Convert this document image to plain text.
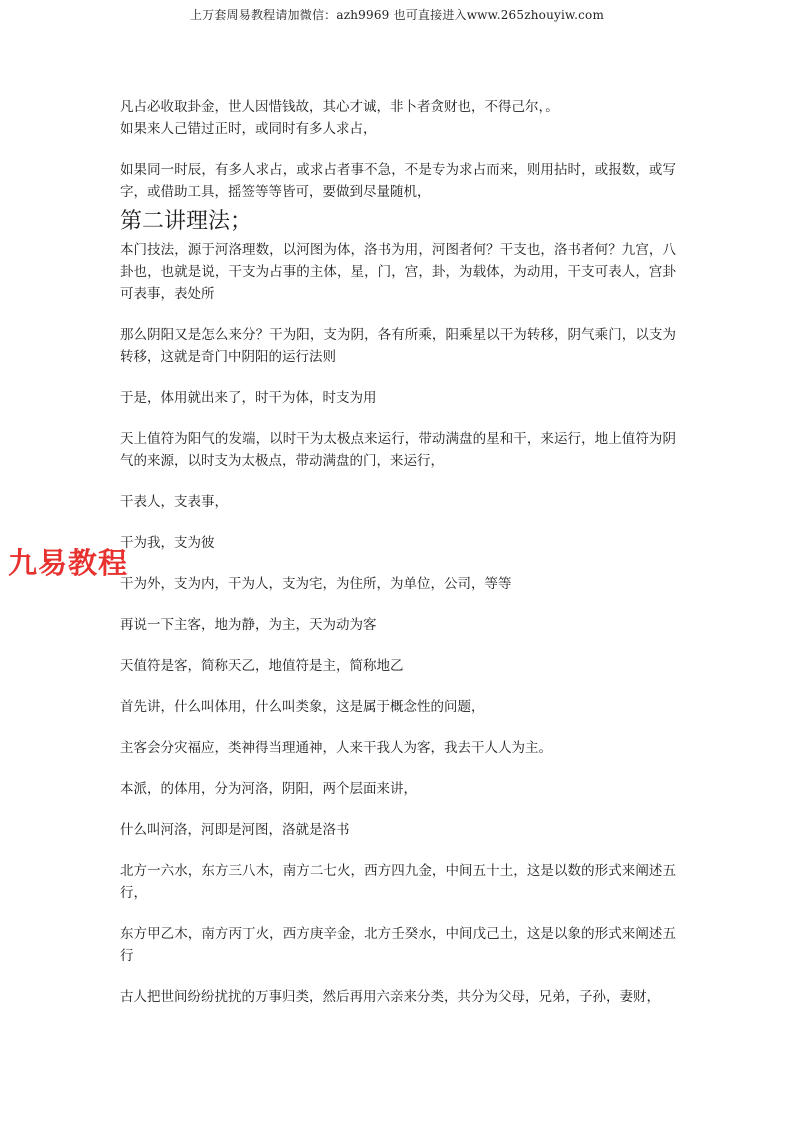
上万套周易教程请加微信：azh9969 也可直接进入www.265zhouyiw.com

凡占必收取卦金，世人因惜钱故，其心才诚，非卜者贪财也，不得己尔，。

如果来人己错过正时，或同时有多人求占，

如果同一时辰，有多人求占，或求占者事不急，不是专为求占而来，则用拈时，或报数，或写字，或借助工具，摇签等等皆可，要做到尽量随机，

第二讲理法；

本门技法，源于河洛理数，以河图为体，洛书为用，河图者何？干支也，洛书者何？九宫，八卦也，也就是说，干支为占事的主体，星，门，宫，卦，为载体，为动用，干支可表人，宫卦可表事，表处所

那么阴阳又是怎么来分？干为阳，支为阴，各有所乘，阳乘星以干为转移，阴气乘门，以支为转移，这就是奇门中阴阳的运行法则

于是，体用就出来了，时干为体，时支为用

天上值符为阳气的发端，以时干为太极点来运行，带动满盘的星和干，来运行，地上值符为阴气的来源，以时支为太极点，带动满盘的门，来运行，

干表人，支表事，

干为我，支为彼

干为外，支为内，干为人，支为宅，为住所，为单位，公司，等等

再说一下主客，地为静，为主，天为动为客

天值符是客，简称天乙，地值符是主，简称地乙

首先讲，什么叫体用，什么叫类象，这是属于概念性的问题，

主客会分灾福应，类神得当理通神，人来干我人为客，我去干人人为主。

本派，的体用，分为河洛，阴阳，两个层面来讲，

什么叫河洛，河即是河图，洛就是洛书

北方一六水，东方三八木，南方二七火，西方四九金，中间五十土，这是以数的形式来阐述五行，

东方甲乙木，南方丙丁火，西方庚辛金，北方壬癸水，中间戊己土，这是以象的形式来阐述五行

古人把世间纷纷扰扰的万事归类，然后再用六亲来分类，共分为父母，兄弟，子孙，妻财，

九易教程
